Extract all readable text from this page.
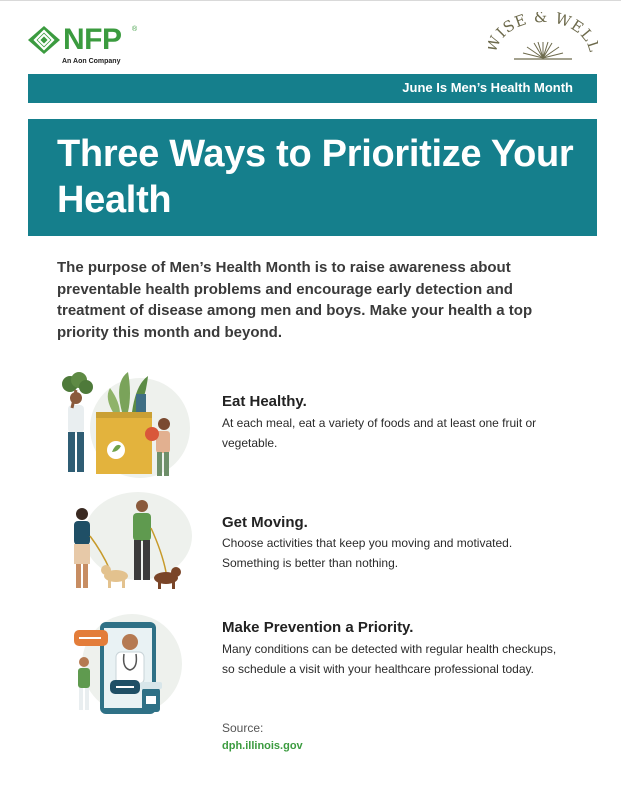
NFP ®
An Aon Company
ISE & WEL
June Is Men’s Health Month
Three Ways to Prioritize Your Health

The purpose of Men’s Health Month is to raise awareness about preventable health problems and encourage early detection and treatment of disease among men and boys. Make your health a top priority this month and beyond.

Eat Healthy.

At each meal, eat a variety of foods and at least one fruit or vegetable.

Get Moving.

Choose activities that keep you moving and motivated. Something is better than nothing.

Make Prevention a Priority.

Many conditions can be detected with regular health checkups, so schedule a visit with your healthcare professional today.

Source:
dph.illinois.gov
